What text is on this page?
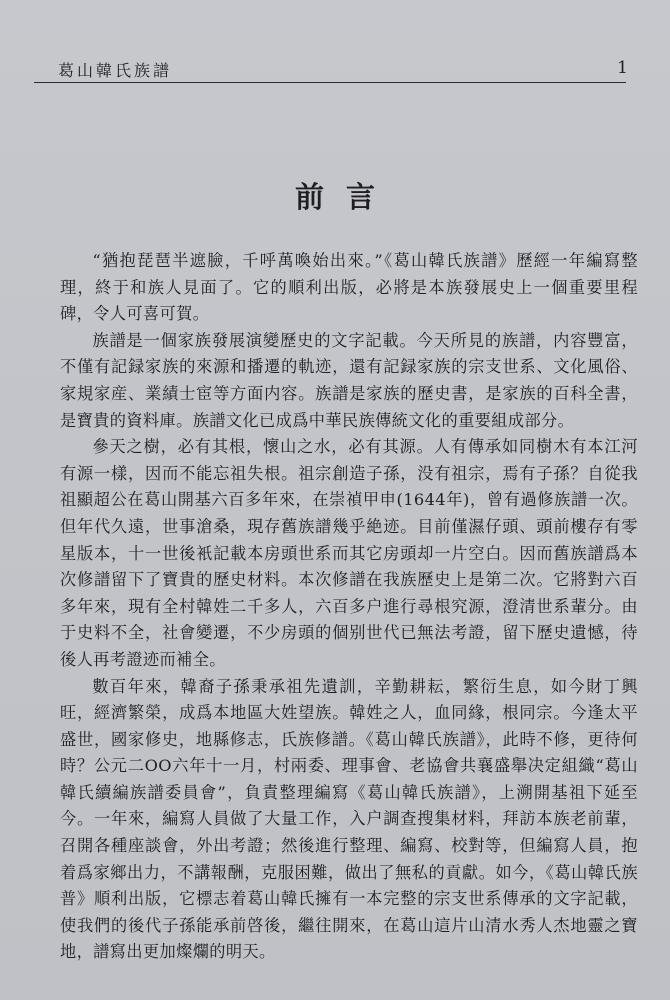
葛山韓氏族譜	1
前言

“猶抱琵琶半遮臉，千呼萬喚始出來。”《葛山韓氏族譜》歷經一年編寫整理，終于和族人見面了。它的順利出版，必將是本族發展史上一個重要里程碑，令人可喜可賀。

族譜是一個家族發展演變歷史的文字記載。今天所見的族譜，内容豐富，不僅有記録家族的來源和播遷的軌迹，還有記録家族的宗支世系、文化風俗、家規家産、業績士宦等方面内容。族譜是家族的歷史書，是家族的百科全書，是寶貴的資料庫。族譜文化已成爲中華民族傳統文化的重要組成部分。

參天之樹，必有其根，懷山之水，必有其源。人有傳承如同樹木有本江河有源一樣，因而不能忘祖失根。祖宗創造子孫，没有祖宗，焉有子孫？自從我祖顯超公在葛山開基六百多年來，在崇禎甲申(1644年)，曾有過修族譜一次。但年代久遠，世事滄桑，現存舊族譜幾乎絶迹。目前僅濕仔頭、頭前樓存有零星版本，十一世後衹記載本房頭世系而其它房頭却一片空白。因而舊族譜爲本次修譜留下了寶貴的歷史材料。本次修譜在我族歷史上是第二次。它將對六百多年來，現有全村韓姓二千多人，六百多户進行尋根究源，澄清世系輩分。由于史料不全，社會變遷，不少房頭的個别世代已無法考證，留下歷史遺憾，待後人再考證迹而補全。

數百年來，韓裔子孫秉承祖先遺訓，辛勤耕耘，繁衍生息，如今財丁興旺，經濟繁榮，成爲本地區大姓望族。韓姓之人，血同緣，根同宗。今逢太平盛世，國家修史，地縣修志，氏族修譜。《葛山韓氏族譜》，此時不修，更待何時？公元二OO六年十一月，村兩委、理事會、老協會共襄盛舉决定組織“葛山韓氏續編族譜委員會”，負責整理編寫《葛山韓氏族譜》，上溯開基祖下延至今。一年來，編寫人員做了大量工作，入户調查搜集材料，拜訪本族老前輩，召開各種座談會，外出考證；然後進行整理、編寫、校對等，但編寫人員，抱着爲家鄉出力，不講報酬，克服困難，做出了無私的貢獻。如今，《葛山韓氏族普》順利出版，它標志着葛山韓氏擁有一本完整的宗支世系傳承的文字記載，使我們的後代子孫能承前啓後，繼往開來，在葛山這片山清水秀人杰地靈之寶地，譜寫出更加燦爛的明天。
